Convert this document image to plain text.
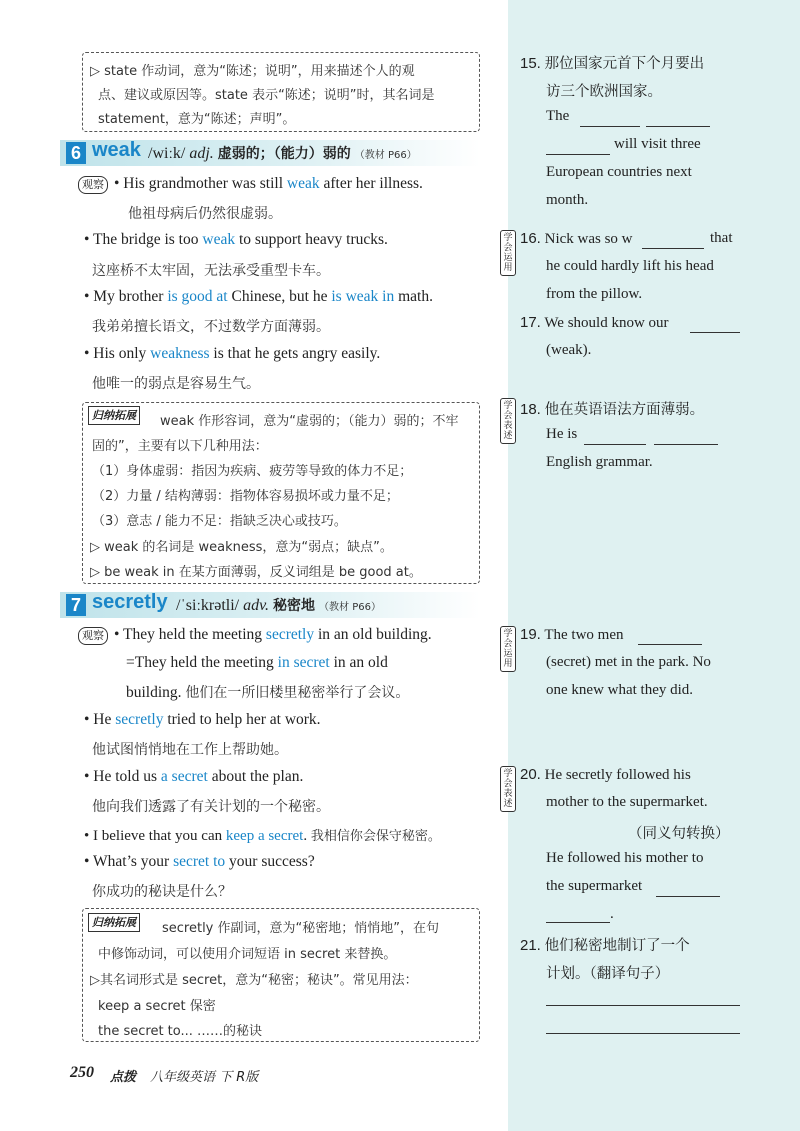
▷ state 作动词，意为“陈述；说明”，用来描述个人的观
点、建议或原因等。state 表示“陈述；说明”时，其名词是
statement，意为“陈述；声明”。
6 weak /wiːk/ adj. 虚弱的；（能力）弱的 （教材 P66）
观察 • His grandmother was still weak after her illness.
他祖母病后仍然很虚弱。
• The bridge is too weak to support heavy trucks.
这座桥不太牢固，无法承受重型卡车。
• My brother is good at Chinese, but he is weak in math.
我弟弟擅长语文，不过数学方面薄弱。
• His only weakness is that he gets angry easily.
他唯一的弱点是容易生气。
归纳拓展	weak 作形容词，意为“虚弱的；（能力）弱的；不牢
固的”，主要有以下几种用法：
（1）身体虚弱：指因为疾病、疲劳等导致的体力不足；
（2）力量 / 结构薄弱：指物体容易损坏或力量不足；
（3）意志 / 能力不足：指缺乏决心或技巧。
▷ weak 的名词是 weakness，意为“弱点；缺点”。
▷ be weak in 在某方面薄弱，反义词组是 be good at。
7 secretly /ˈsiːkrətli/ adv. 秘密地 （教材 P66）
观察 • They held the meeting secretly in an old building.
=They held the meeting in secret in an old
building. 他们在一所旧楼里秘密举行了会议。
• He secretly tried to help her at work.
他试图悄悄地在工作上帮助她。
• He told us a secret about the plan.
他向我们透露了有关计划的一个秘密。
• I believe that you can keep a secret. 我相信你会保守秘密。
• What’s your secret to your success?
你成功的秘诀是什么？
归纳拓展	secretly 作副词，意为“秘密地；悄悄地”，在句
中修饰动词，可以使用介词短语 in secret 来替换。
▷其名词形式是 secret，意为“秘密；秘诀”。常见用法：
keep a secret 保密
the secret to... ……的秘诀
250 点拨 八年级英语 下 R版
15. 那位国家元首下个月要出
访三个欧洲国家。
The
will visit three
European countries next
month.
学会运用
16. Nick was so w	that
he could hardly lift his head
from the pillow.
17. We should know our
(weak).
学会表述
18. 他在英语语法方面薄弱。
He is
English grammar.
学会运用
19. The two men
(secret) met in the park. No
one knew what they did.
学会表述
20. He secretly followed his
mother to the supermarket.
（同义句转换）
He followed his mother to
the supermarket
.
21. 他们秘密地制订了一个
计划。（翻译句子）
